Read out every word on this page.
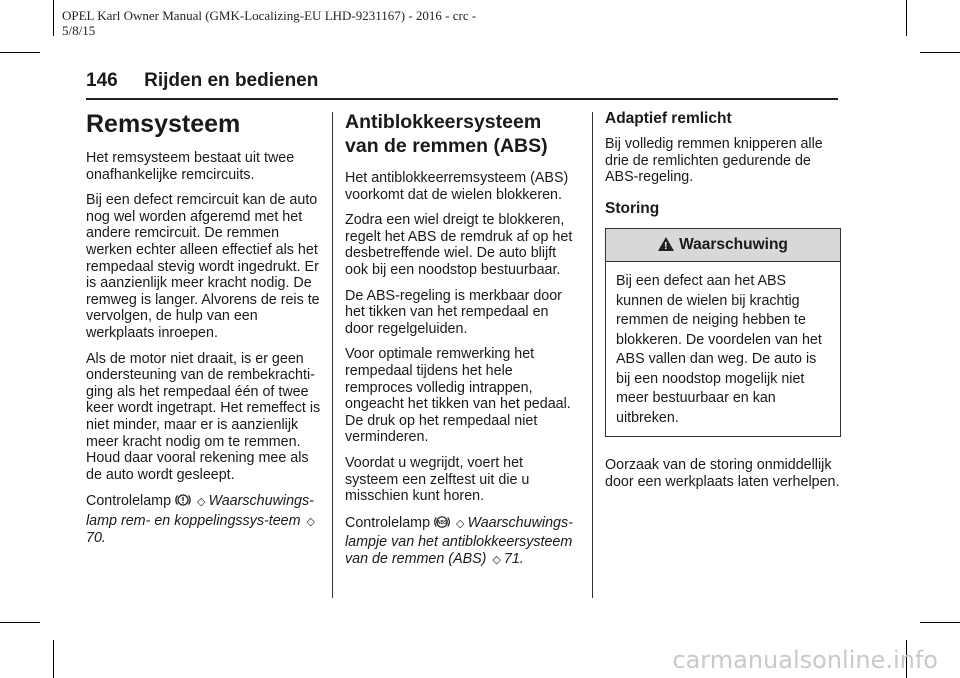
OPEL Karl Owner Manual (GMK-Localizing-EU LHD-9231167) - 2016 - crc -
5/8/15
146 Rijden en bedienen
Remsysteem

Het remsysteem bestaat uit twee onafhankelijke remcircuits.

Bij een defect remcircuit kan de auto nog wel worden afgeremd met het andere remcircuit. De remmen werken echter alleen effectief als het rempedaal stevig wordt ingedrukt. Er is aanzienlijk meer kracht nodig. De remweg is langer. Alvorens de reis te vervolgen, de hulp van een werkplaats inroepen.

Als de motor niet draait, is er geen ondersteuning van de rembekrachti-ging als het rempedaal één of twee keer wordt ingetrapt. Het remeffect is niet minder, maar er is aanzienlijk meer kracht nodig om te remmen. Houd daar vooral rekening mee als de auto wordt gesleept.

Controlelamp ◇ Waarschuwings-lamp rem- en koppelingssys-teem ◇70.

Antiblokkeersysteem van de remmen (ABS)

Het antiblokkeerremsysteem (ABS) voorkomt dat de wielen blokkeren.

Zodra een wiel dreigt te blokkeren, regelt het ABS de remdruk af op het desbetreffende wiel. De auto blijft ook bij een noodstop bestuurbaar.

De ABS-regeling is merkbaar door het tikken van het rempedaal en door regelgeluiden.

Voor optimale remwerking het rempedaal tijdens het hele remproces volledig intrappen, ongeacht het tikken van het pedaal. De druk op het rempedaal niet verminderen.

Voordat u wegrijdt, voert het systeem een zelftest uit die u misschien kunt horen.

Controlelamp ABS ◇ Waarschuwings-lampje van het antiblokkeersysteem van de remmen (ABS) ◇ 71.

Adaptief remlicht

Bij volledig remmen knipperen alle drie de remlichten gedurende de ABS-regeling.

Storing
!Waarschuwing
Bij een defect aan het ABS kunnen de wielen bij krachtig remmen de neiging hebben te blokkeren. De voordelen van het ABS vallen dan weg. De auto is bij een noodstop mogelijk niet meer bestuurbaar en kan uitbreken.

Oorzaak van de storing onmiddellijk door een werkplaats laten verhelpen.

carmanualsonline.info
